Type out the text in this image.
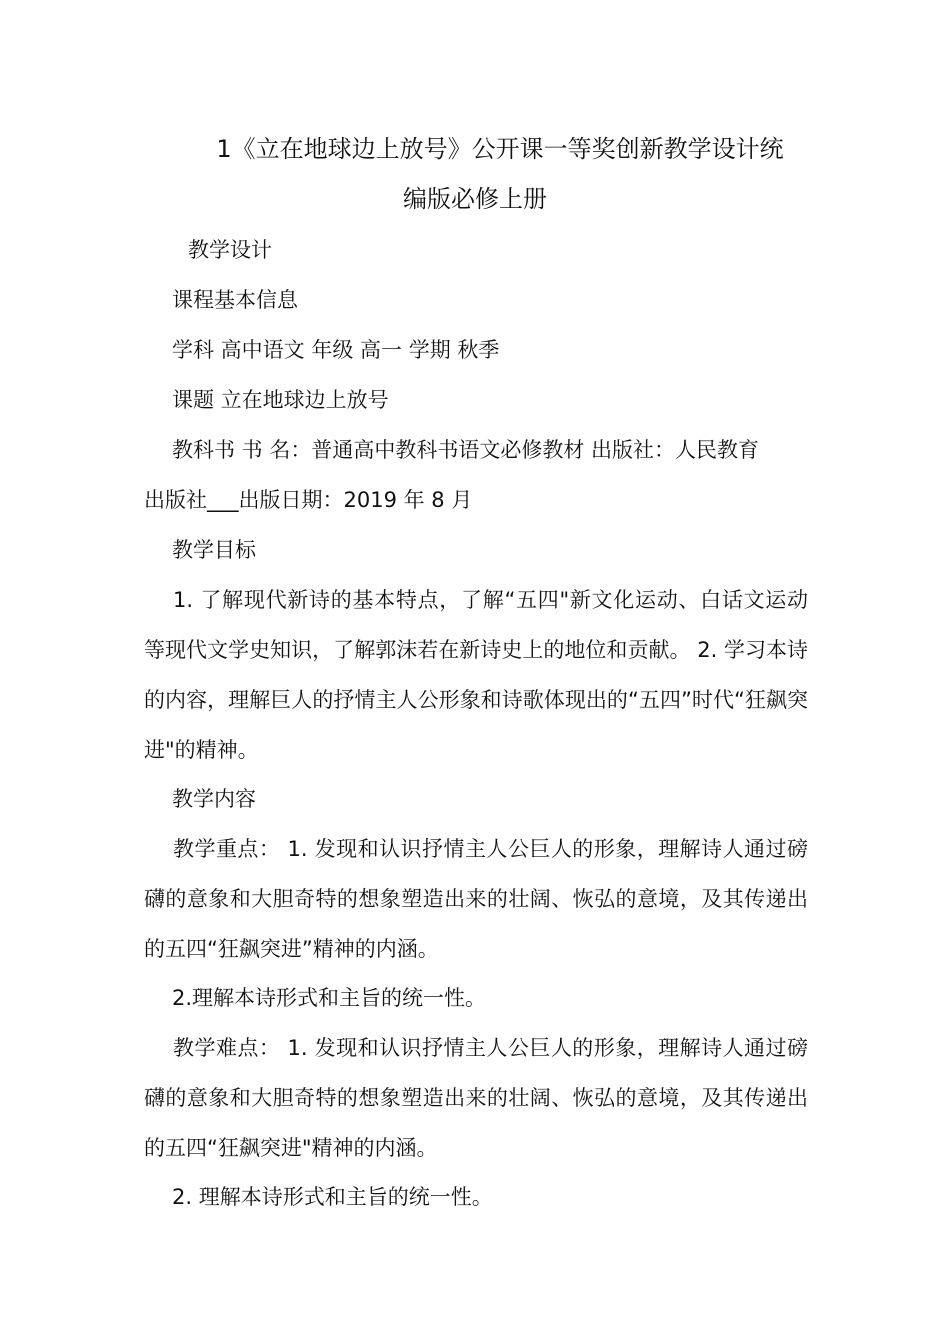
1《立在地球边上放号》公开课一等奖创新教学设计统
编版必修上册
教学设计
课程基本信息
学科 高中语文 年级 高一 学期 秋季
课题 立在地球边上放号
教科书 书 名：普通高中教科书语文必修教材 出版社：人民教育
出版社___出版日期：2019 年 8 月
教学目标
1. 了解现代新诗的基本特点，了解“五四"新文化运动、白话文运动等现代文学史知识，了解郭沫若在新诗史上的地位和贡献。 2. 学习本诗的内容，理解巨人的抒情主人公形象和诗歌体现出的“五四”时代“狂飙突进"的精神。
教学内容
教学重点： 1. 发现和认识抒情主人公巨人的形象，理解诗人通过磅礴的意象和大胆奇特的想象塑造出来的壮阔、恢弘的意境，及其传递出的五四“狂飙突进”精神的内涵。
2.理解本诗形式和主旨的统一性。
教学难点： 1. 发现和认识抒情主人公巨人的形象，理解诗人通过磅礴的意象和大胆奇特的想象塑造出来的壮阔、恢弘的意境，及其传递出的五四“狂飙突进"精神的内涵。
2. 理解本诗形式和主旨的统一性。
